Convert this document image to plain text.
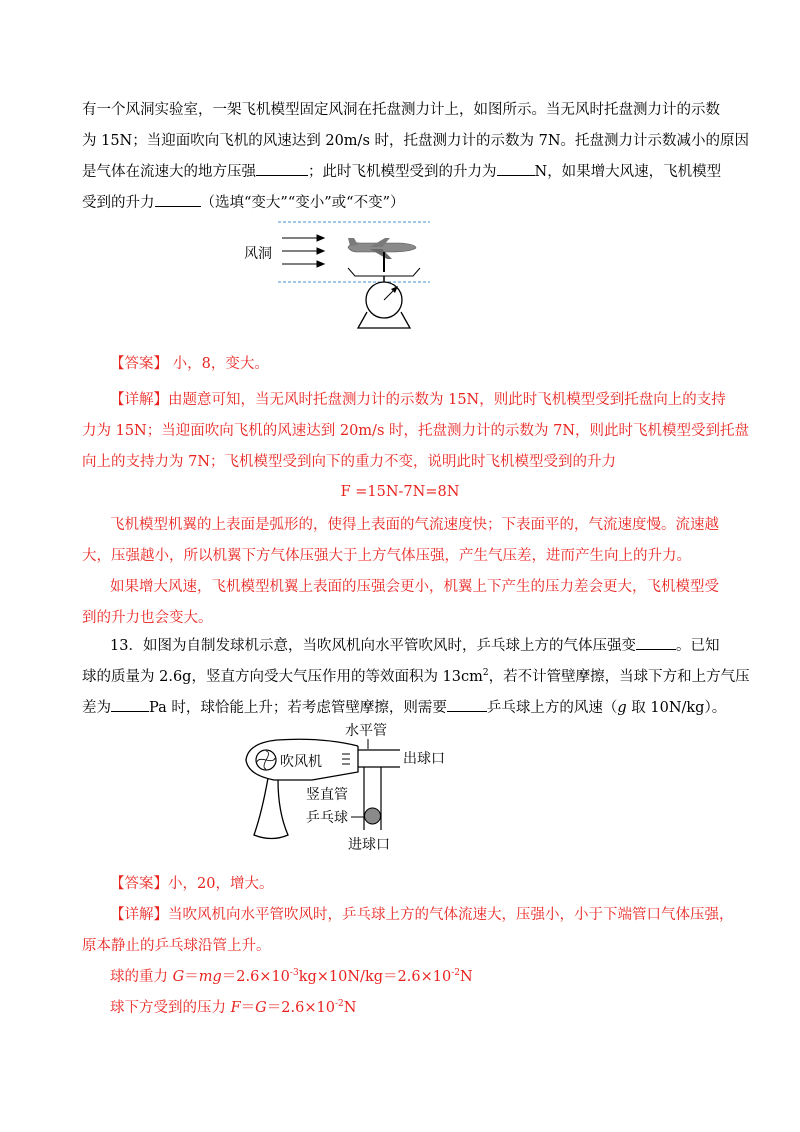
有一个风洞实验室，一架飞机模型固定风洞在托盘测力计上，如图所示。当无风时托盘测力计的示数
为 15N；当迎面吹向飞机的风速达到 20m/s 时，托盘测力计的示数为 7N。托盘测力计示数减小的原因
是气体在流速大的地方压强	；此时飞机模型受到的升力为	N，如果增大风速，飞机模型
受到的升力	（选填“变大”“变小”或“不变”）
风洞
【答案】 小，8，变大。
【详解】由题意可知，当无风时托盘测力计的示数为 15N，则此时飞机模型受到托盘向上的支持
力为 15N；当迎面吹向飞机的风速达到 20m/s 时，托盘测力计的示数为 7N，则此时飞机模型受到托盘
向上的支持力为 7N；飞机模型受到向下的重力不变，说明此时飞机模型受到的升力
F =15N-7N=8N
飞机模型机翼的上表面是弧形的，使得上表面的气流速度快；下表面平的，气流速度慢。流速越
大，压强越小，所以机翼下方气体压强大于上方气体压强，产生气压差，进而产生向上的升力。
如果增大风速，飞机模型机翼上表面的压强会更小，机翼上下产生的压力差会更大，飞机模型受
到的升力也会变大。
13．如图为自制发球机示意，当吹风机向水平管吹风时，乒乓球上方的气体压强变	。已知
球的质量为 2.6g，竖直方向受大气压作用的等效面积为 $13cm^2$，若不计管壁摩擦，当球下方和上方气压
差为	Pa 时，球恰能上升；若考虑管壁摩擦，则需要	乒乓球上方的风速（g 取 10N/kg）。
水平管
吹风机	出球口
竖直管
乒乓球
进球口
【答案】小，20，增大。
【详解】当吹风机向水平管吹风时，乒乓球上方的气体流速大，压强小，小于下端管口气体压强，
原本静止的乒乓球沿管上升。
球的重力 $G=mg=2.6\times 10^{-3}kg\times 10N/kg=2.6\times 10^{-2}N$
球下方受到的压力 $F=G=2.6\times 10^{-2}N$
